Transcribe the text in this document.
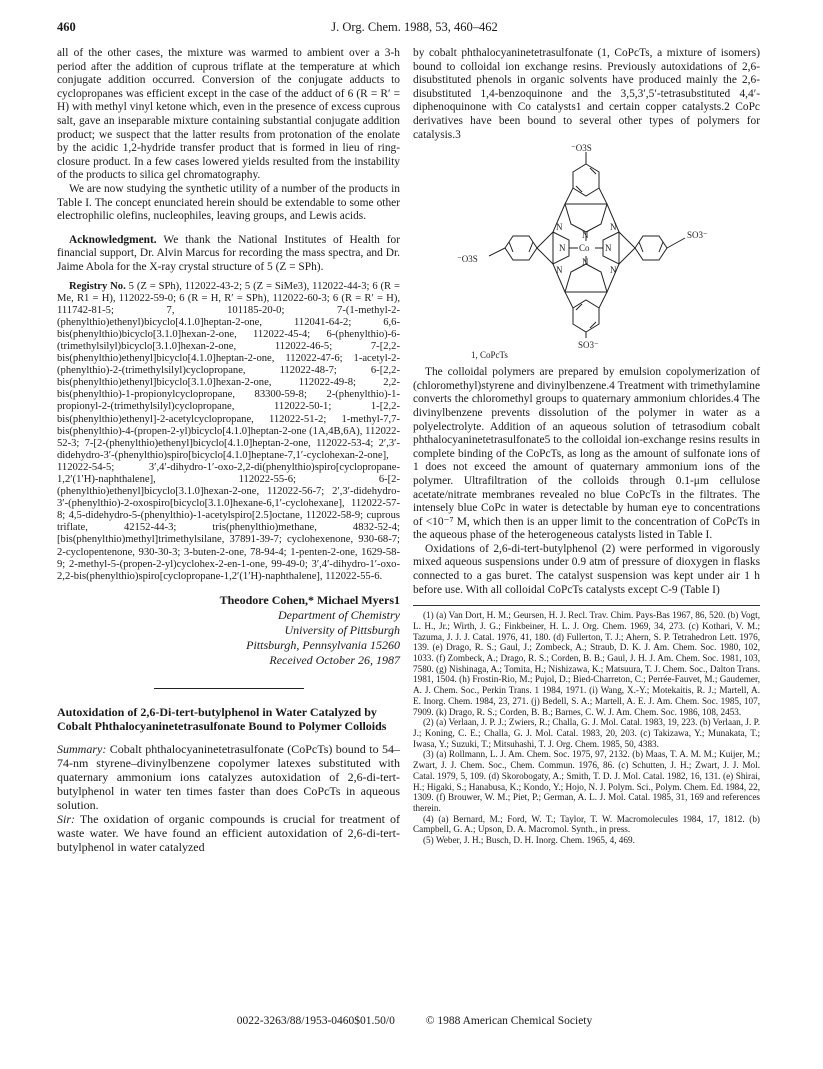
460	J. Org. Chem. 1988, 53, 460–462

all of the other cases, the mixture was warmed to ambient over a 3-h period after the addition of cuprous triflate at the temperature at which conjugate addition occurred. Conversion of the conjugate adducts to cyclopropanes was efficient except in the case of the adduct of 6 (R = R′ = H) with methyl vinyl ketone which, even in the presence of excess cuprous salt, gave an inseparable mixture containing substantial conjugate addition product; we suspect that the latter results from protonation of the enolate by the acidic 1,2-hydride transfer product that is formed in lieu of ring-closure product. In a few cases lowered yields resulted from the instability of the products to silica gel chromatography.

We are now studying the synthetic utility of a number of the products in Table I. The concept enunciated herein should be extendable to some other electrophilic olefins, nucleophiles, leaving groups, and Lewis acids.

Acknowledgment. We thank the National Institutes of Health for financial support, Dr. Alvin Marcus for recording the mass spectra, and Dr. Jaime Abola for the X-ray crystal structure of 5 (Z = SPh).

Registry No. 5 (Z = SPh), 112022-43-2; 5 (Z = SiMe3), 112022-44-3; 6 (R = Me, R1 = H), 112022-59-0; 6 (R = H, R′ = SPh), 112022-60-3; 6 (R = R′ = H), 111742-81-5; 7, 101185-20-0; 7-(1-methyl-2-(phenylthio)ethenyl)bicyclo[4.1.0]heptan-2-one, 112041-64-2; 6,6-bis(phenylthio)bicyclo[3.1.0]hexan-2-one, 112022-45-4; 6-(phenylthio)-6-(trimethylsilyl)bicyclo[3.1.0]hexan-2-one, 112022-46-5; 7-[2,2-bis(phenylthio)ethenyl]bicyclo[4.1.0]heptan-2-one, 112022-47-6; 1-acetyl-2-(phenylthio)-2-(trimethylsilyl)cyclopropane, 112022-48-7; 6-[2,2-bis(phenylthio)ethenyl]bicyclo[3.1.0]hexan-2-one, 112022-49-8; 2,2-bis(phenylthio)-1-propionylcyclopropane, 83300-59-8; 2-(phenylthio)-1-propionyl-2-(trimethylsilyl)cyclopropane, 112022-50-1; 1-[2,2-bis(phenylthio)ethenyl]-2-acetylcyclopropane, 112022-51-2; 1-methyl-7,7-bis(phenylthio)-4-(propen-2-yl)bicyclo[4.1.0]heptan-2-one (1A,4B,6A), 112022-52-3; 7-[2-(phenylthio)ethenyl]bicyclo[4.1.0]heptan-2-one, 112022-53-4; 2′,3′-didehydro-3′-(phenylthio)spiro[bicyclo[4.1.0]heptane-7,1′-cyclohexan-2-one], 112022-54-5; 3′,4′-dihydro-1′-oxo-2,2-di(phenylthio)spiro[cyclopropane-1,2′(1′H)-naphthalene], 112022-55-6; 6-[2-(phenylthio)ethenyl]bicyclo[3.1.0]hexan-2-one, 112022-56-7; 2′,3′-didehydro-3′-(phenylthio)-2-oxospiro[bicyclo[3.1.0]hexane-6,1′-cyclohexane], 112022-57-8; 4,5-didehydro-5-(phenylthio)-1-acetylspiro[2.5]octane, 112022-58-9; cuprous triflate, 42152-44-3; tris(phenylthio)methane, 4832-52-4; [bis(phenylthio)methyl]trimethylsilane, 37891-39-7; cyclohexenone, 930-68-7; 2-cyclopentenone, 930-30-3; 3-buten-2-one, 78-94-4; 1-penten-2-one, 1629-58-9; 2-methyl-5-(propen-2-yl)cyclohex-2-en-1-one, 99-49-0; 3′,4′-dihydro-1′-oxo-2,2-bis(phenylthio)spiro[cyclopropane-1,2′(1′H)-naphthalene], 112022-55-6.

Theodore Cohen,* Michael Myers1
Department of Chemistry
University of Pittsburgh
Pittsburgh, Pennsylvania 15260
Received October 26, 1987
Autoxidation of 2,6-Di-tert-butylphenol in Water Catalyzed by Cobalt Phthalocyaninetetrasulfonate Bound to Polymer Colloids

Summary: Cobalt phthalocyaninetetrasulfonate (CoPcTs) bound to 54–74-nm styrene–divinylbenzene copolymer latexes substituted with quaternary ammonium ions catalyzes autoxidation of 2,6-di-tert-butylphenol in water ten times faster than does CoPcTs in aqueous solution.

Sir: The oxidation of organic compounds is crucial for treatment of waste water. We have found an efficient autoxidation of 2,6-di-tert-butylphenol in water catalyzed

by cobalt phthalocyaninetetrasulfonate (1, CoPcTs, a mixture of isomers) bound to colloidal ion exchange resins. Previously autoxidations of 2,6-disubstituted phenols in organic solvents have produced mainly the 2,6-disubstituted 1,4-benzoquinone and the 3,5,3′,5′-tetrasubstituted 4,4′-diphenoquinone with Co catalysts1 and certain copper catalysts.2 CoPc derivatives have been bound to several other types of polymers for catalysis.3

⁻O3S
SO3⁻
⁻O3S
SO3⁻
N	N
N	N
N
N
N	N
Co
1, CoPcTs

The colloidal polymers are prepared by emulsion copolymerization of (chloromethyl)styrene and divinylbenzene.4 Treatment with trimethylamine converts the chloromethyl groups to quaternary ammonium chlorides.4 The divinylbenzene prevents dissolution of the polymer in water as a polyelectrolyte. Addition of an aqueous solution of tetrasodium cobalt phthalocyaninetetrasulfonate5 to the colloidal ion-exchange resins results in complete binding of the CoPcTs, as long as the amount of sulfonate ions of 1 does not exceed the amount of quaternary ammonium ions of the polymer. Ultrafiltration of the colloids through 0.1-μm cellulose acetate/nitrate membranes revealed no blue CoPcTs in the filtrates. The intensely blue CoPc in water is detectable by human eye to concentrations of <10⁻⁷ M, which then is an upper limit to the concentration of CoPcTs in the aqueous phase of the heterogeneous catalysts listed in Table I.

Oxidations of 2,6-di-tert-butylphenol (2) were performed in vigorously mixed aqueous suspensions under 0.9 atm of pressure of dioxygen in flasks connected to a gas buret. The catalyst suspension was kept under air 1 h before use. With all colloidal CoPcTs catalysts except C-9 (Table I)

(1) (a) Van Dort, H. M.; Geursen, H. J. Recl. Trav. Chim. Pays-Bas 1967, 86, 520. (b) Vogt, L. H., Jr.; Wirth, J. G.; Finkbeiner, H. L. J. Org. Chem. 1969, 34, 273. (c) Kothari, V. M.; Tazuma, J. J. J. Catal. 1976, 41, 180. (d) Fullerton, T. J.; Ahern, S. P. Tetrahedron Lett. 1976, 139. (e) Drago, R. S.; Gaul, J.; Zombeck, A.; Straub, D. K. J. Am. Chem. Soc. 1980, 102, 1033. (f) Zombeck, A.; Drago, R. S.; Corden, B. B.; Gaul, J. H. J. Am. Chem. Soc. 1981, 103, 7580. (g) Nishinaga, A.; Tomita, H.; Nishizawa, K.; Matsuura, T. J. Chem. Soc., Dalton Trans. 1981, 1504. (h) Frostin-Rio, M.; Pujol, D.; Bied-Charreton, C.; Perrée-Fauvet, M.; Gaudemer, A. J. Chem. Soc., Perkin Trans. 1 1984, 1971. (i) Wang, X.-Y.; Motekaitis, R. J.; Martell, A. E. Inorg. Chem. 1984, 23, 271. (j) Bedell, S. A.; Martell, A. E. J. Am. Chem. Soc. 1985, 107, 7909. (k) Drago, R. S.; Corden, B. B.; Barnes, C. W. J. Am. Chem. Soc. 1986, 108, 2453.

(2) (a) Verlaan, J. P. J.; Zwiers, R.; Challa, G. J. Mol. Catal. 1983, 19, 223. (b) Verlaan, J. P. J.; Koning, C. E.; Challa, G. J. Mol. Catal. 1983, 20, 203. (c) Takizawa, Y.; Munakata, T.; Iwasa, Y.; Suzuki, T.; Mitsuhashi, T. J. Org. Chem. 1985, 50, 4383.

(3) (a) Rollmann, L. J. Am. Chem. Soc. 1975, 97, 2132. (b) Maas, T. A. M. M.; Kuijer, M.; Zwart, J. J. Chem. Soc., Chem. Commun. 1976, 86. (c) Schutten, J. H.; Zwart, J. J. Mol. Catal. 1979, 5, 109. (d) Skorobogaty, A.; Smith, T. D. J. Mol. Catal. 1982, 16, 131. (e) Shirai, H.; Higaki, S.; Hanabusa, K.; Kondo, Y.; Hojo, N. J. Polym. Sci., Polym. Chem. Ed. 1984, 22, 1309. (f) Brouwer, W. M.; Piet, P.; German, A. L. J. Mol. Catal. 1985, 31, 169 and references therein.

(4) (a) Bernard, M.; Ford, W. T.; Taylor, T. W. Macromolecules 1984, 17, 1812. (b) Campbell, G. A.; Upson, D. A. Macromol. Synth., in press.

(5) Weber, J. H.; Busch, D. H. Inorg. Chem. 1965, 4, 469.

0022-3263/88/1953-0460$01.50/0	© 1988 American Chemical Society
